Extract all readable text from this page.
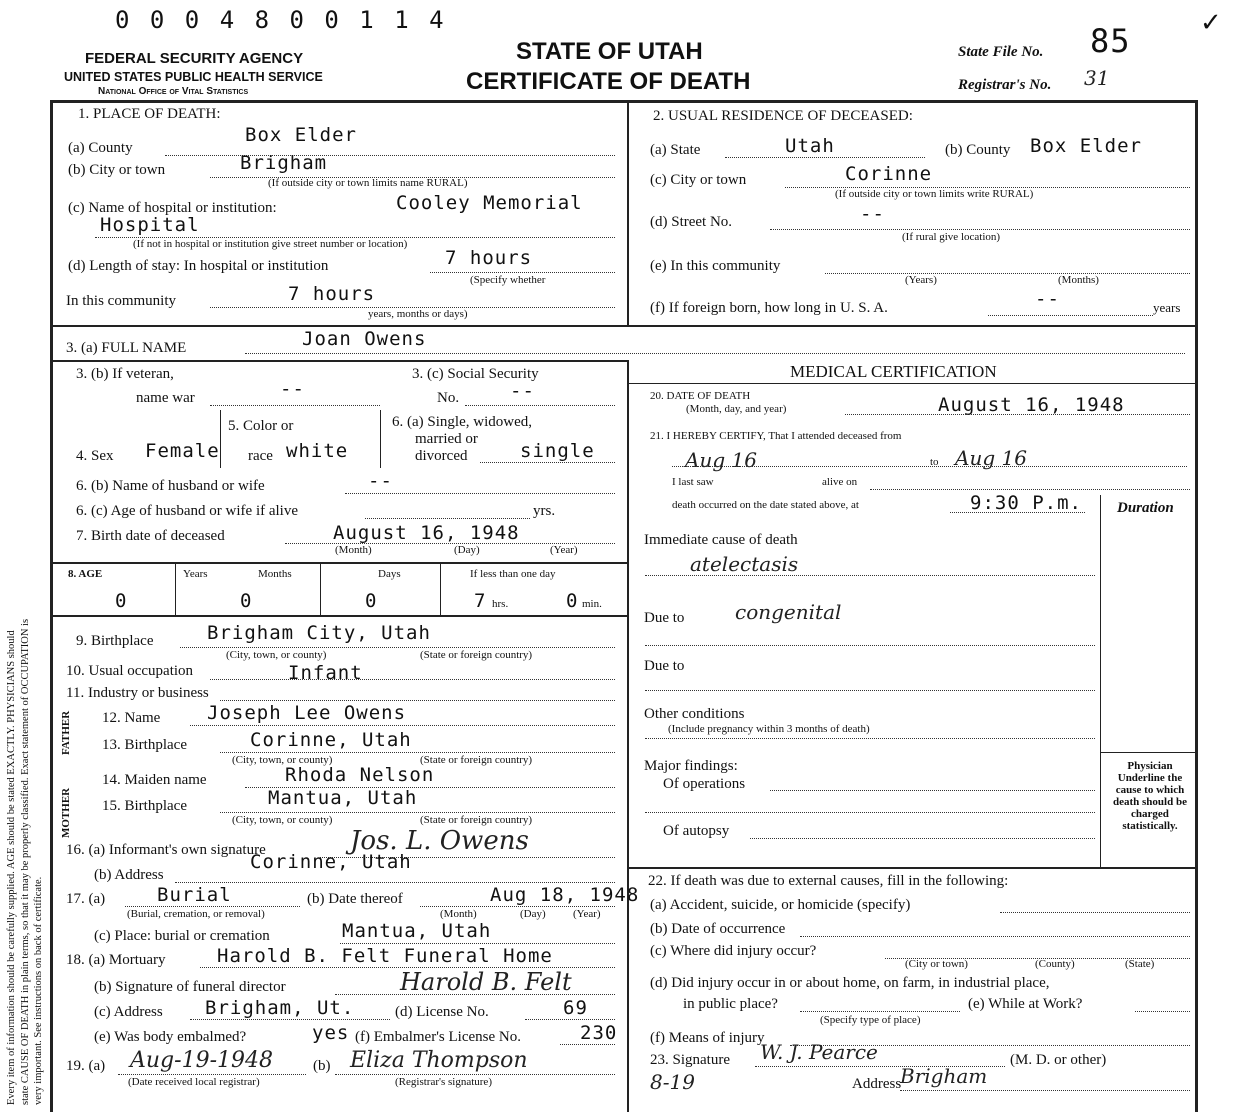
Every item of information should be carefully supplied. AGE should be stated EXACTLY. PHYSICIANS should state CAUSE OF DEATH in plain terms, so that it may be properly classified. Exact statement of OCCUPATION is very important. See instructions on back of certificate.
0 0 0 4 8 0 0 1 1 4
FEDERAL SECURITY AGENCY
UNITED STATES PUBLIC HEALTH SERVICE
National Office of Vital Statistics
STATE OF UTAH
CERTIFICATE OF DEATH
State File No. 85
Registrar's No. 31
✓
1. PLACE OF DEATH:
(a) County
Box Elder
(b) City or town	Brigham
(If outside city or town limits name RURAL)
(c) Name of hospital or institution:	Cooley Memorial
Hospital
(If not in hospital or institution give street number or location)
(d) Length of stay: In hospital or institution	7 hours
(Specify whether
In this community	7 hours
years, months or days)
2. USUAL RESIDENCE OF DECEASED:
(a) State	Utah	(b) County Box Elder
(c) City or town	Corinne
(If outside city or town limits write RURAL)
(d) Street No.	--
(If rural give location)
(e) In this community
(Years)	(Months)
(f) If foreign born, how long in U. S. A.	--	years
3. (a) FULL NAME	Joan Owens
MEDICAL CERTIFICATION
20. DATE OF DEATH
(Month, day, and year)	August 16, 1948
21. I HEREBY CERTIFY, That I attended deceased from
Aug 16	to Aug 16
I last saw	alive on
death occurred on the date stated above, at	9:30 P.m. Duration
Immediate cause of death
atelectasis
Due to	congenital
Due to
Other conditions
(Include pregnancy within 3 months of death)
Major findings:
Of operations
Of autopsy
Physician Underline the cause to which death should be charged statistically.
22. If death was due to external causes, fill in the following:
(a) Accident, suicide, or homicide (specify)
(b) Date of occurrence
(c) Where did injury occur?
(City or town)	(County)	(State)
(d) Did injury occur in or about home, on farm, in industrial place,
in public place?	(e) While at Work?
(Specify type of place)
(f) Means of injury
23. Signature W. J. Pearce	(M. D. or other)
8-19	Address
Brigham
3. (b) If veteran,
name war	--
3. (c) Social Security
No.	--
5. Color or	6. (a) Single, widowed,
married or
divorced
4. Sex Female race white	single
6. (b) Name of husband or wife	--
6. (c) Age of husband or wife if alive	yrs.
7. Birth date of deceased	August 16, 1948
(Month)	(Day)	(Year)
8. AGE	Years	Months	Days	If less than one day
0	0	0	7 hrs.	0 min.
9. Birthplace	Brigham City, Utah
(City, town, or county)	(State or foreign country)
10. Usual occupation	Infant
11. Industry or business
FATHER
MOTHER
12. Name Joseph Lee Owens
13. Birthplace	Corinne, Utah
(City, town, or county)	(State or foreign country)
14. Maiden name	Rhoda Nelson
15. Birthplace	Mantua, Utah
(City, town, or county)	(State or foreign country)
16. (a) Informant's own signature	Jos. L. Owens
(b) Address
Corinne, Utah
17. (a)	Burial
(Burial, cremation, or removal)
(b) Date thereof	Aug 18, 1948
(Month)	(Day) (Year)
(c) Place: burial or cremation	Mantua, Utah
18. (a) Mortuary	Harold B. Felt Funeral Home
(b) Signature of funeral director	Harold B. Felt
(c) Address Brigham, Ut.	(d) License No.	69
(e) Was body embalmed?	yes (f) Embalmer's License No.	230
19. (a) Aug-19-1948
(Date received local registrar)
(b) Eliza Thompson
(Registrar's signature)
